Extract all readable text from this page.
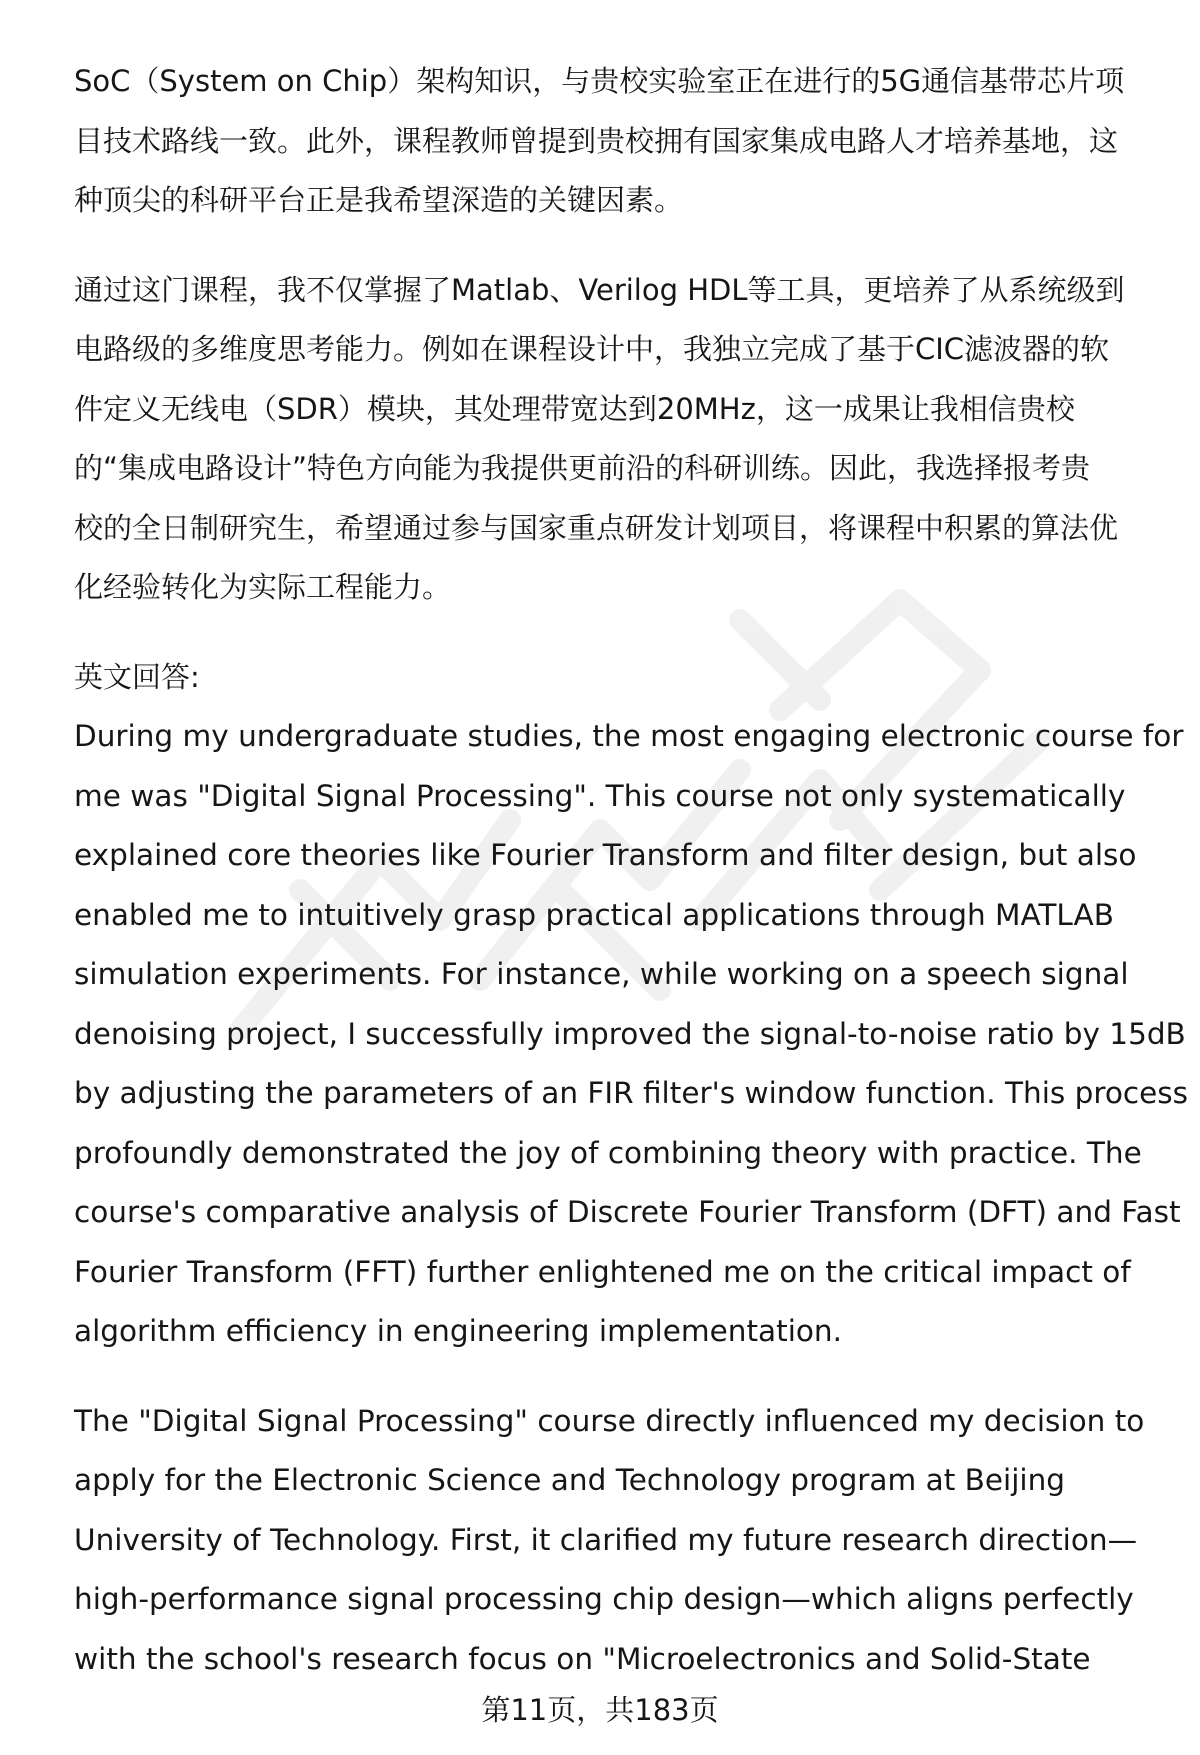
SoC（System on Chip）架构知识，与贵校实验室正在进行的5G通信基带芯片项
目技术路线一致。此外，课程教师曾提到贵校拥有国家集成电路人才培养基地，这
种顶尖的科研平台正是我希望深造的关键因素。
通过这门课程，我不仅掌握了Matlab、Verilog HDL等工具，更培养了从系统级到
电路级的多维度思考能力。例如在课程设计中，我独立完成了基于CIC滤波器的软
件定义无线电（SDR）模块，其处理带宽达到20MHz，这一成果让我相信贵校
的“集成电路设计”特色方向能为我提供更前沿的科研训练。因此，我选择报考贵
校的全日制研究生，希望通过参与国家重点研发计划项目，将课程中积累的算法优
化经验转化为实际工程能力。

英文回答:

During my undergraduate studies, the most engaging electronic course for
me was "Digital Signal Processing". This course not only systematically
explained core theories like Fourier Transform and filter design, but also
enabled me to intuitively grasp practical applications through MATLAB
simulation experiments. For instance, while working on a speech signal
denoising project, I successfully improved the signal-to-noise ratio by 15dB
by adjusting the parameters of an FIR filter's window function. This process
profoundly demonstrated the joy of combining theory with practice. The
course's comparative analysis of Discrete Fourier Transform (DFT) and Fast
Fourier Transform (FFT) further enlightened me on the critical impact of
algorithm efficiency in engineering implementation.
The "Digital Signal Processing" course directly influenced my decision to
apply for the Electronic Science and Technology program at Beijing
University of Technology. First, it clarified my future research direction—
high-performance signal processing chip design—which aligns perfectly
with the school's research focus on "Microelectronics and Solid-State
第11页，共183页
